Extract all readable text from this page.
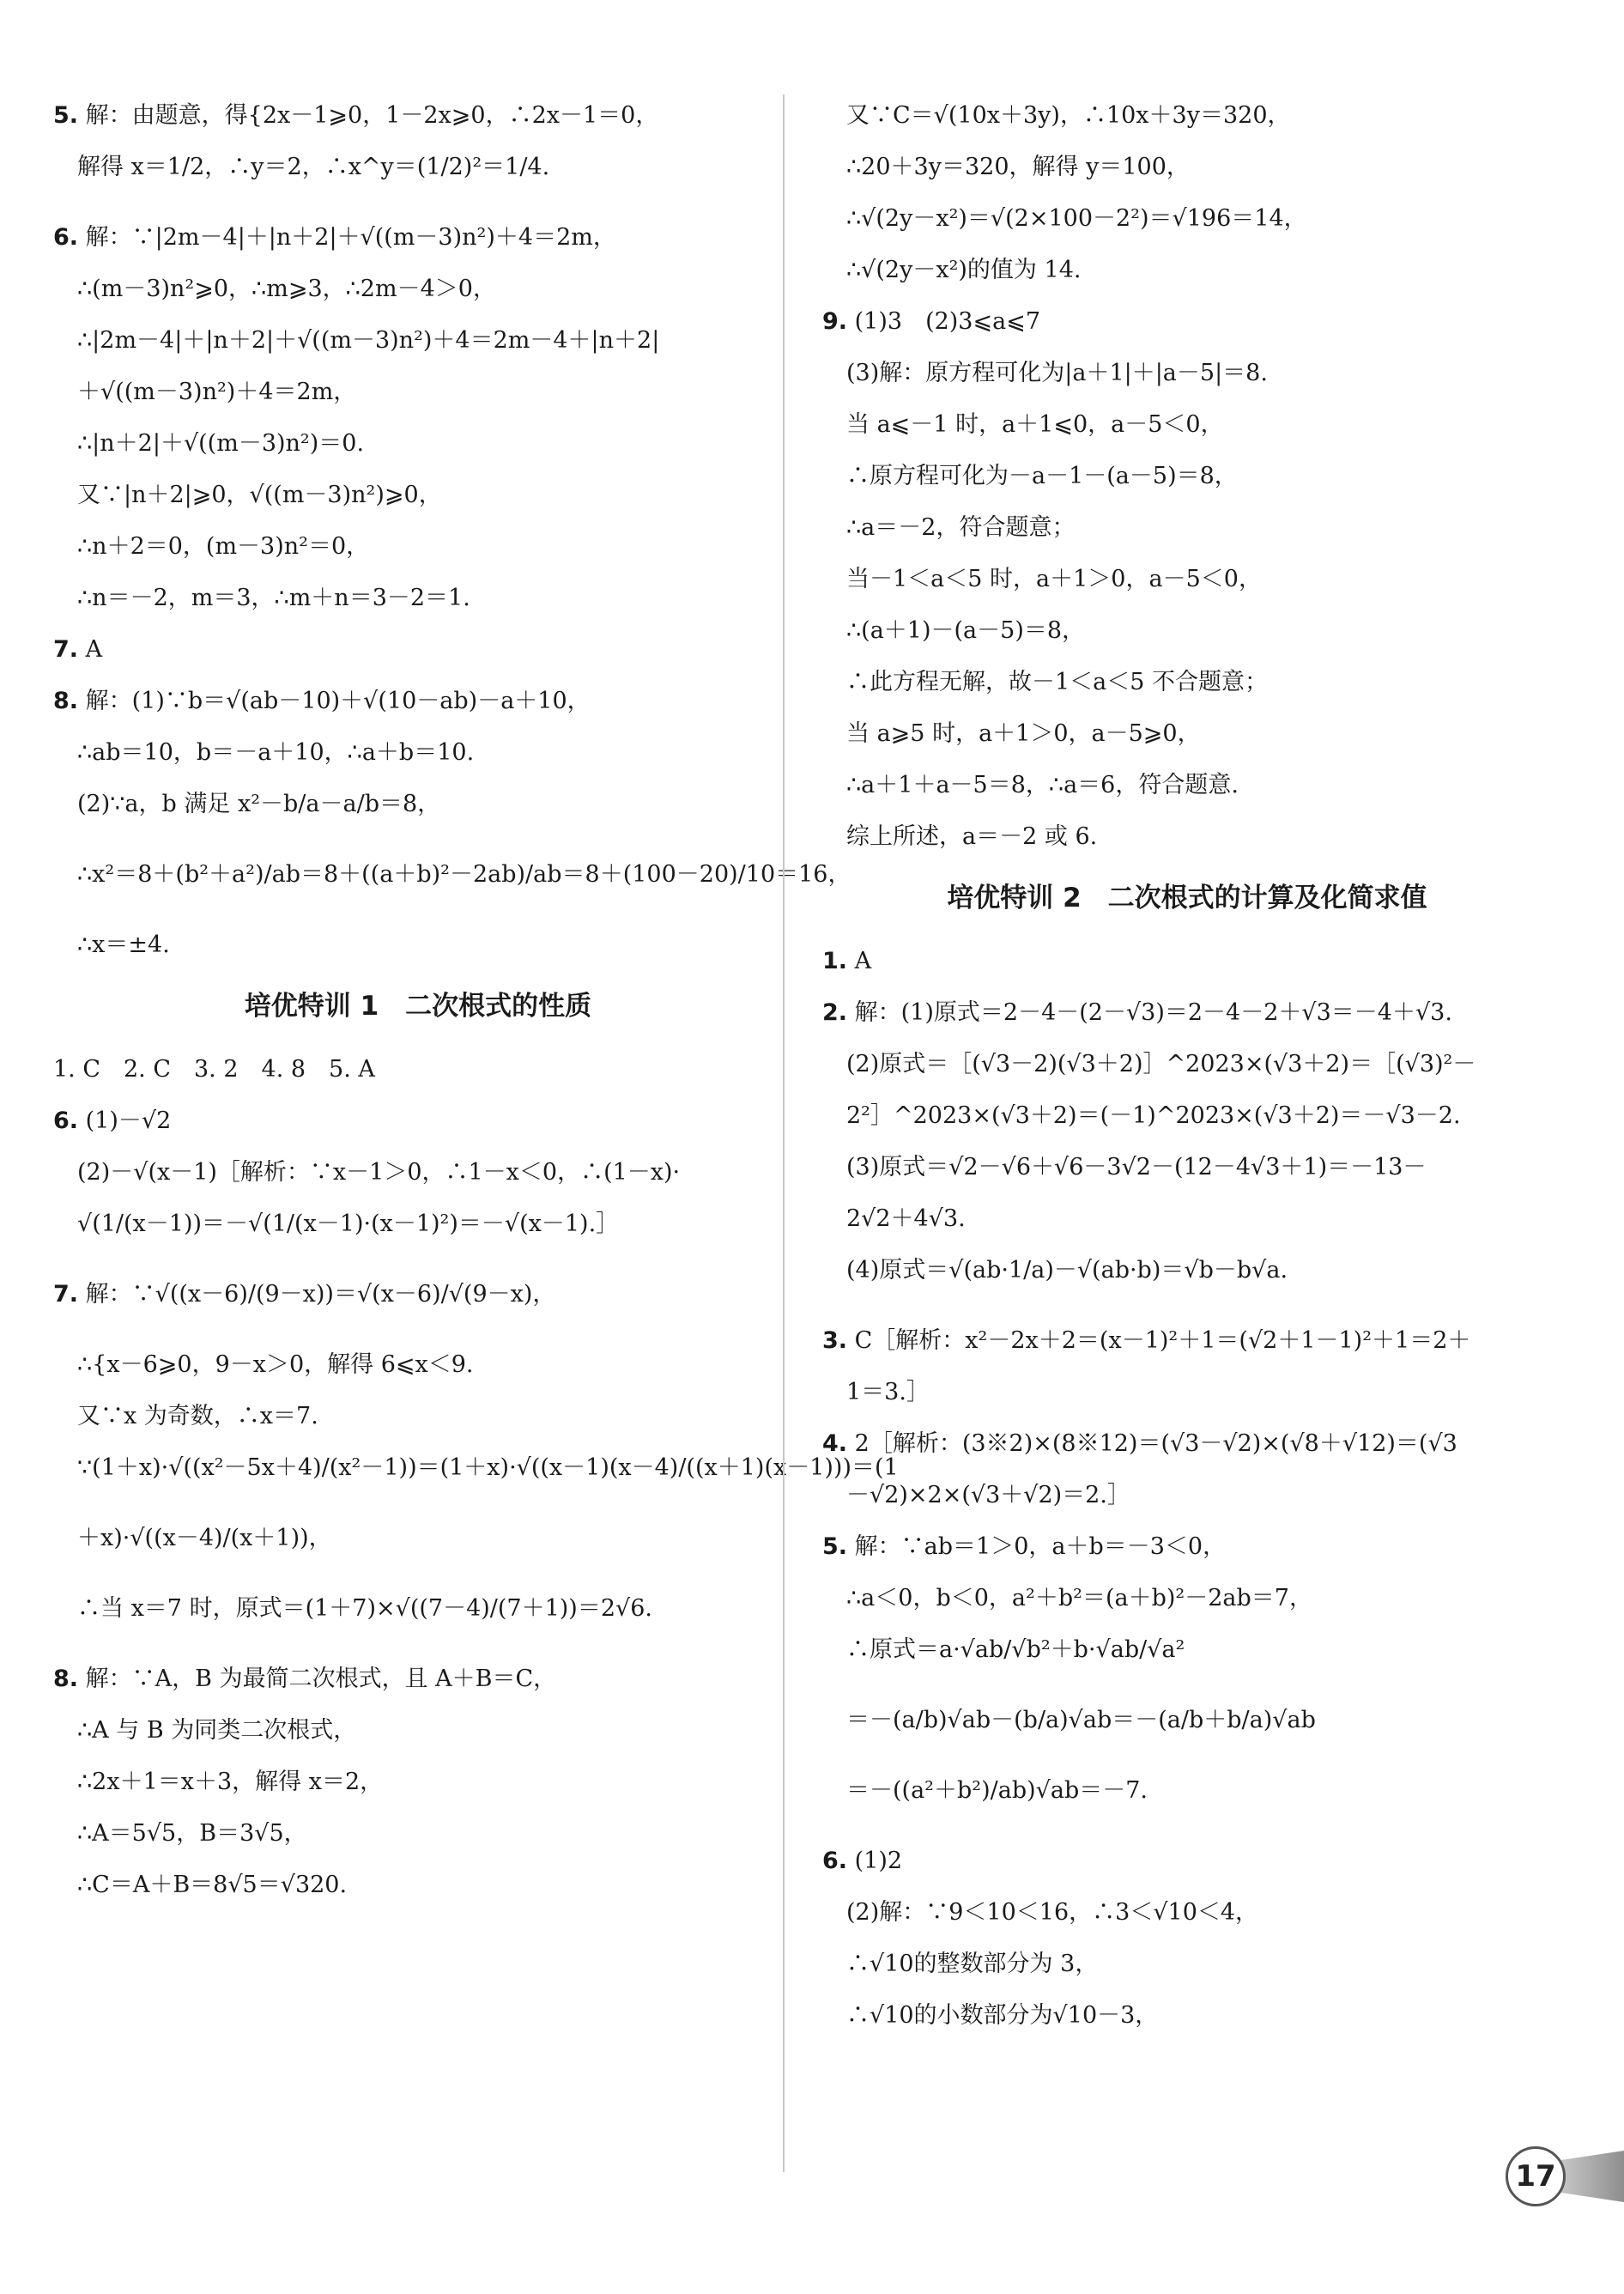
5. 解：由题意，得{2x－1⩾0，1－2x⩾0，∴2x－1＝0，
解得 x＝1/2，∴y＝2，∴x^y＝(1/2)²＝1/4.
6. 解：∵|2m－4|＋|n＋2|＋√((m－3)n²)＋4＝2m，
∴(m－3)n²⩾0，∴m⩾3，∴2m－4＞0，
∴|2m－4|＋|n＋2|＋√((m－3)n²)＋4＝2m－4＋|n＋2|
＋√((m－3)n²)＋4＝2m，
∴|n＋2|＋√((m－3)n²)＝0.
又∵|n＋2|⩾0，√((m－3)n²)⩾0，
∴n＋2＝0，(m－3)n²＝0，
∴n＝－2，m＝3，∴m＋n＝3－2＝1.
7. A
8. 解：(1)∵b＝√(ab－10)＋√(10－ab)－a＋10，
∴ab＝10，b＝－a＋10，∴a＋b＝10.
(2)∵a，b 满足 x²－b/a－a/b＝8，
∴x²＝8＋(b²＋a²)/ab＝8＋((a＋b)²－2ab)/ab＝8＋(100－20)/10＝16，
∴x＝±4.
培优特训 1　二次根式的性质
1. C　2. C　3. 2　4. 8　5. A
6. (1)－√2
(2)－√(x－1)［解析：∵x－1＞0，∴1－x＜0，∴(1－x)·
√(1/(x－1))＝－√(1/(x－1)·(x－1)²)＝－√(x－1).］
7. 解：∵√((x－6)/(9－x))＝√(x－6)/√(9－x)，
∴{x－6⩾0，9－x＞0，解得 6⩽x＜9.
又∵x 为奇数，∴x＝7.
∵(1＋x)·√((x²－5x＋4)/(x²－1))＝(1＋x)·√((x－1)(x－4)/((x＋1)(x－1)))＝(1
＋x)·√((x－4)/(x＋1))，
∴当 x＝7 时，原式＝(1＋7)×√((7－4)/(7＋1))＝2√6.
8. 解：∵A，B 为最简二次根式，且 A＋B＝C，
∴A 与 B 为同类二次根式，
∴2x＋1＝x＋3，解得 x＝2，
∴A＝5√5，B＝3√5，
∴C＝A＋B＝8√5＝√320.
又∵C＝√(10x＋3y)，∴10x＋3y＝320，
∴20＋3y＝320，解得 y＝100，
∴√(2y－x²)＝√(2×100－2²)＝√196＝14，
∴√(2y－x²)的值为 14.
9. (1)3　(2)3⩽a⩽7
(3)解：原方程可化为|a＋1|＋|a－5|＝8.
当 a⩽－1 时，a＋1⩽0，a－5＜0，
∴原方程可化为－a－1－(a－5)＝8，
∴a＝－2，符合题意；
当－1＜a＜5 时，a＋1＞0，a－5＜0，
∴(a＋1)－(a－5)＝8，
∴此方程无解，故－1＜a＜5 不合题意；
当 a⩾5 时，a＋1＞0，a－5⩾0，
∴a＋1＋a－5＝8，∴a＝6，符合题意.
综上所述，a＝－2 或 6.
培优特训 2　二次根式的计算及化简求值
1. A
2. 解：(1)原式＝2－4－(2－√3)＝2－4－2＋√3＝－4＋√3.
(2)原式＝［(√3－2)(√3＋2)］^2023×(√3＋2)＝［(√3)²－
2²］^2023×(√3＋2)＝(－1)^2023×(√3＋2)＝－√3－2.
(3)原式＝√2－√6＋√6－3√2－(12－4√3＋1)＝－13－
2√2＋4√3.
(4)原式＝√(ab·1/a)－√(ab·b)＝√b－b√a.
3. C［解析：x²－2x＋2＝(x－1)²＋1＝(√2＋1－1)²＋1＝2＋
1＝3.］
4. 2［解析：(3※2)×(8※12)＝(√3－√2)×(√8＋√12)＝(√3
－√2)×2×(√3＋√2)＝2.］
5. 解：∵ab＝1＞0，a＋b＝－3＜0，
∴a＜0，b＜0，a²＋b²＝(a＋b)²－2ab＝7，
∴原式＝a·√ab/√b²＋b·√ab/√a²
＝－(a/b)√ab－(b/a)√ab＝－(a/b＋b/a)√ab
＝－((a²＋b²)/ab)√ab＝－7.
6. (1)2
(2)解：∵9＜10＜16，∴3＜√10＜4，
∴√10的整数部分为 3，
∴√10的小数部分为√10－3，
17
